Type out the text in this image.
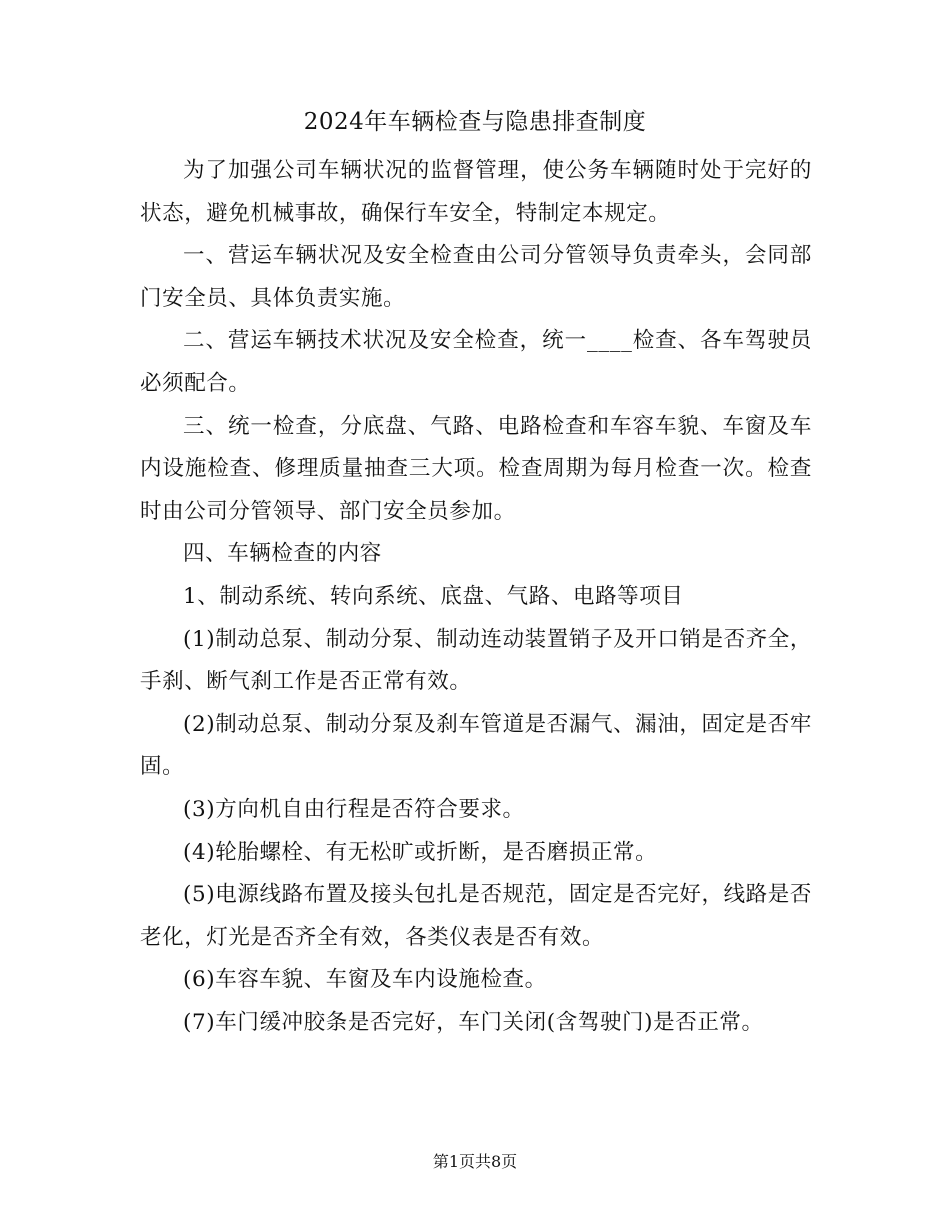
2024年车辆检查与隐患排查制度

为了加强公司车辆状况的监督管理，使公务车辆随时处于完好的状态，避免机械事故，确保行车安全，特制定本规定。

一、营运车辆状况及安全检查由公司分管领导负责牵头，会同部门安全员、具体负责实施。

二、营运车辆技术状况及安全检查，统一____检查、各车驾驶员必须配合。

三、统一检查，分底盘、气路、电路检查和车容车貌、车窗及车内设施检查、修理质量抽查三大项。检查周期为每月检查一次。检查时由公司分管领导、部门安全员参加。

四、车辆检查的内容

1、制动系统、转向系统、底盘、气路、电路等项目

(1)制动总泵、制动分泵、制动连动装置销子及开口销是否齐全，手刹、断气刹工作是否正常有效。

(2)制动总泵、制动分泵及刹车管道是否漏气、漏油，固定是否牢固。

(3)方向机自由行程是否符合要求。

(4)轮胎螺栓、有无松旷或折断，是否磨损正常。

(5)电源线路布置及接头包扎是否规范，固定是否完好，线路是否老化，灯光是否齐全有效，各类仪表是否有效。

(6)车容车貌、车窗及车内设施检查。

(7)车门缓冲胶条是否完好，车门关闭(含驾驶门)是否正常。

第1页共8页
